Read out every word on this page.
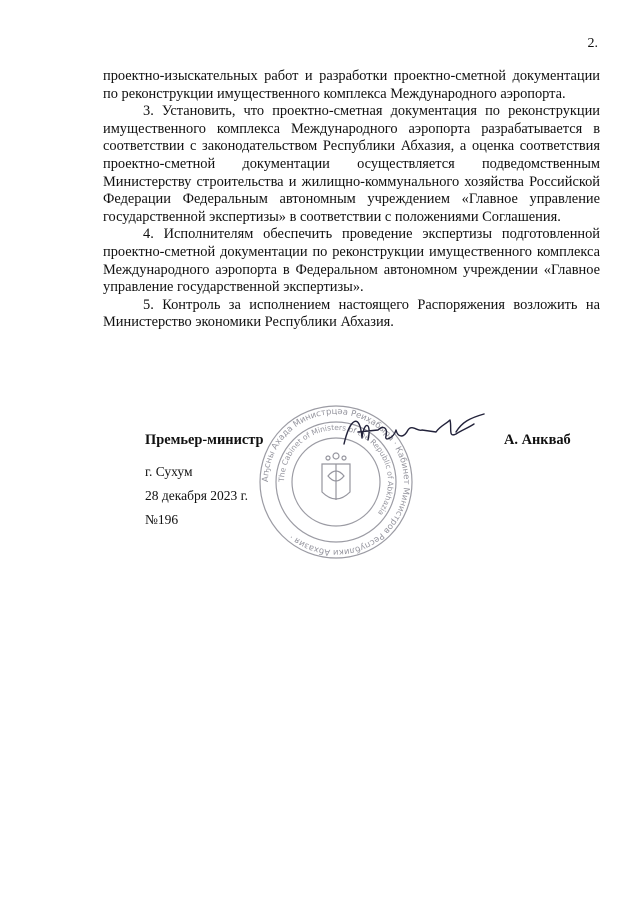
2.

проектно-изыскательных работ и разработки проектно-сметной документации по реконструкции имущественного комплекса Международного аэропорта.

3. Установить, что проектно-сметная документация по реконструкции имущественного комплекса Международного аэропорта разрабатывается в соответствии с законодательством Республики Абхазия, а оценка соответствия проектно-сметной документации осуществляется подведомственным Министерству строительства и жилищно-коммунального хозяйства Российской Федерации Федеральным автономным учреждением «Главное управление государственной экспертизы» в соответствии с положениями Соглашения.

4. Исполнителям обеспечить проведение экспертизы подготовленной проектно-сметной документации по реконструкции имущественного комплекса Международного аэропорта в Федеральном автономном учреждении «Главное управление государственной экспертизы».

5. Контроль за исполнением настоящего Распоряжения возложить на Министерство экономики Республики Абхазия.

Аҧсны Ахада Министрцәа Реиҳабыра · Кабинет Министров Республики Абхазия ·
The Cabinet of Ministers of the Republic of Abkhazia
Премьер-министр	А. Анкваб
г. Сухум
28 декабря 2023 г.
№196
